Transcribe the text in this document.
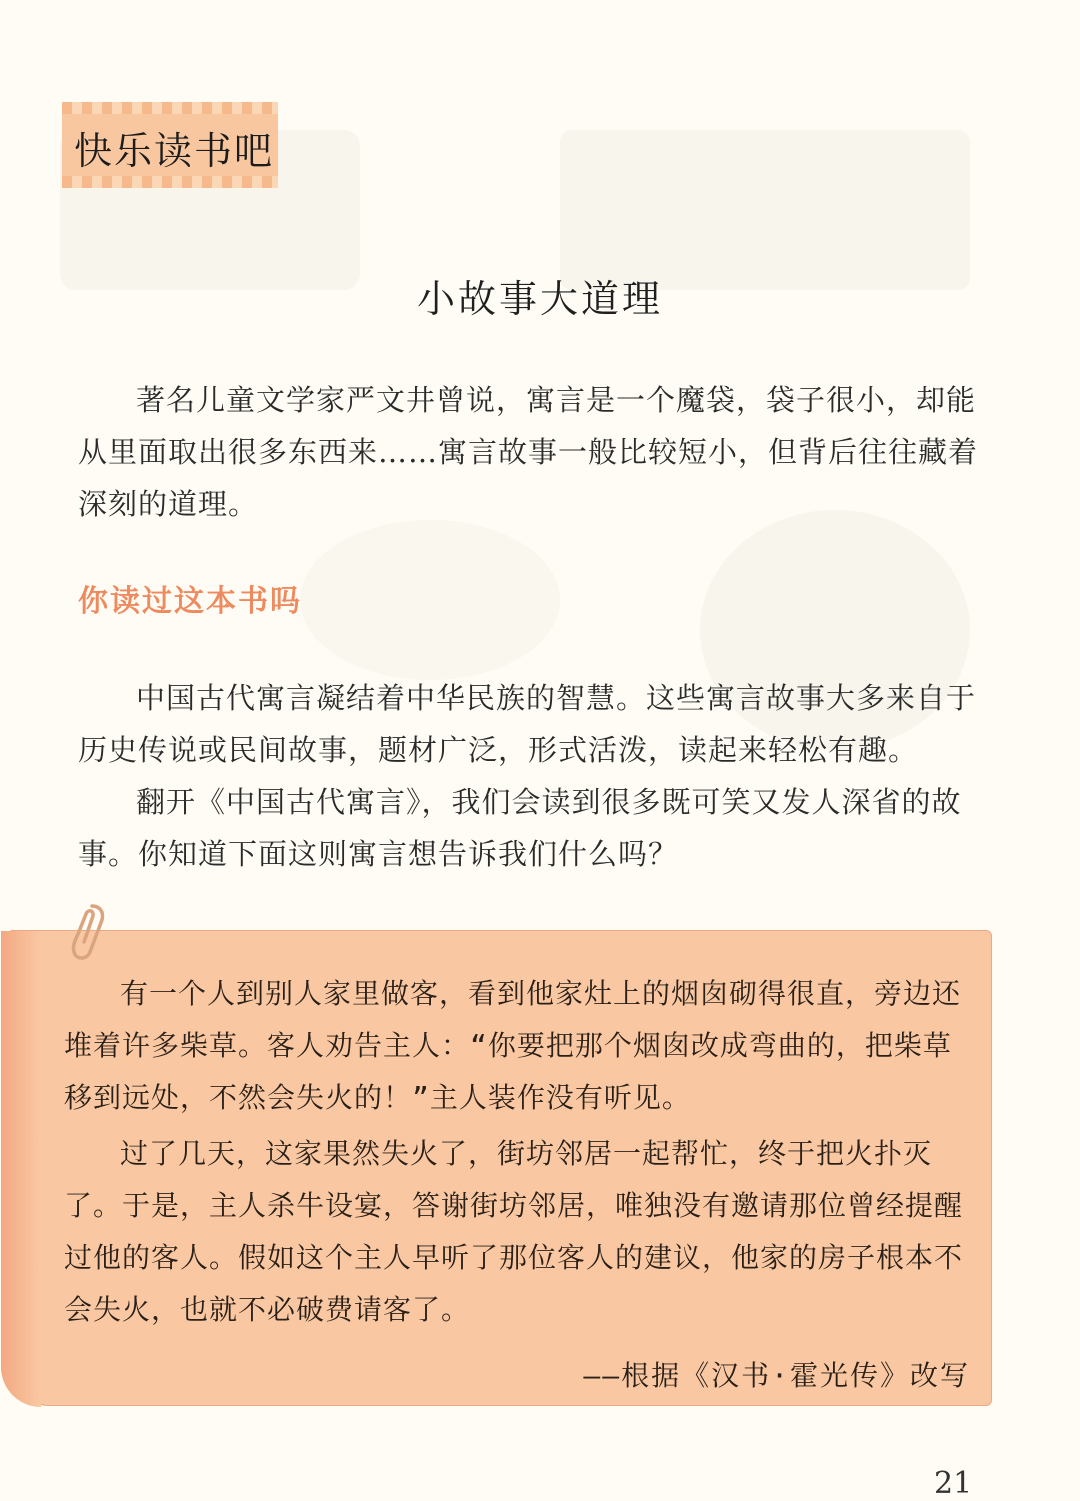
快乐读书吧
小故事大道理

著名儿童文学家严文井曾说，寓言是一个魔袋，袋子很小，却能从里面取出很多东西来……寓言故事一般比较短小，但背后往往藏着深刻的道理。

你读过这本书吗

中国古代寓言凝结着中华民族的智慧。这些寓言故事大多来自于历史传说或民间故事，题材广泛，形式活泼，读起来轻松有趣。

翻开《中国古代寓言》，我们会读到很多既可笑又发人深省的故事。你知道下面这则寓言想告诉我们什么吗？

有一个人到别人家里做客，看到他家灶上的烟囱砌得很直，旁边还堆着许多柴草。客人劝告主人：“你要把那个烟囱改成弯曲的，把柴草移到远处，不然会失火的！”主人装作没有听见。

过了几天，这家果然失火了，街坊邻居一起帮忙，终于把火扑灭了。于是，主人杀牛设宴，答谢街坊邻居，唯独没有邀请那位曾经提醒过他的客人。假如这个主人早听了那位客人的建议，他家的房子根本不会失火，也就不必破费请客了。

——根据《汉书·霍光传》改写
21
